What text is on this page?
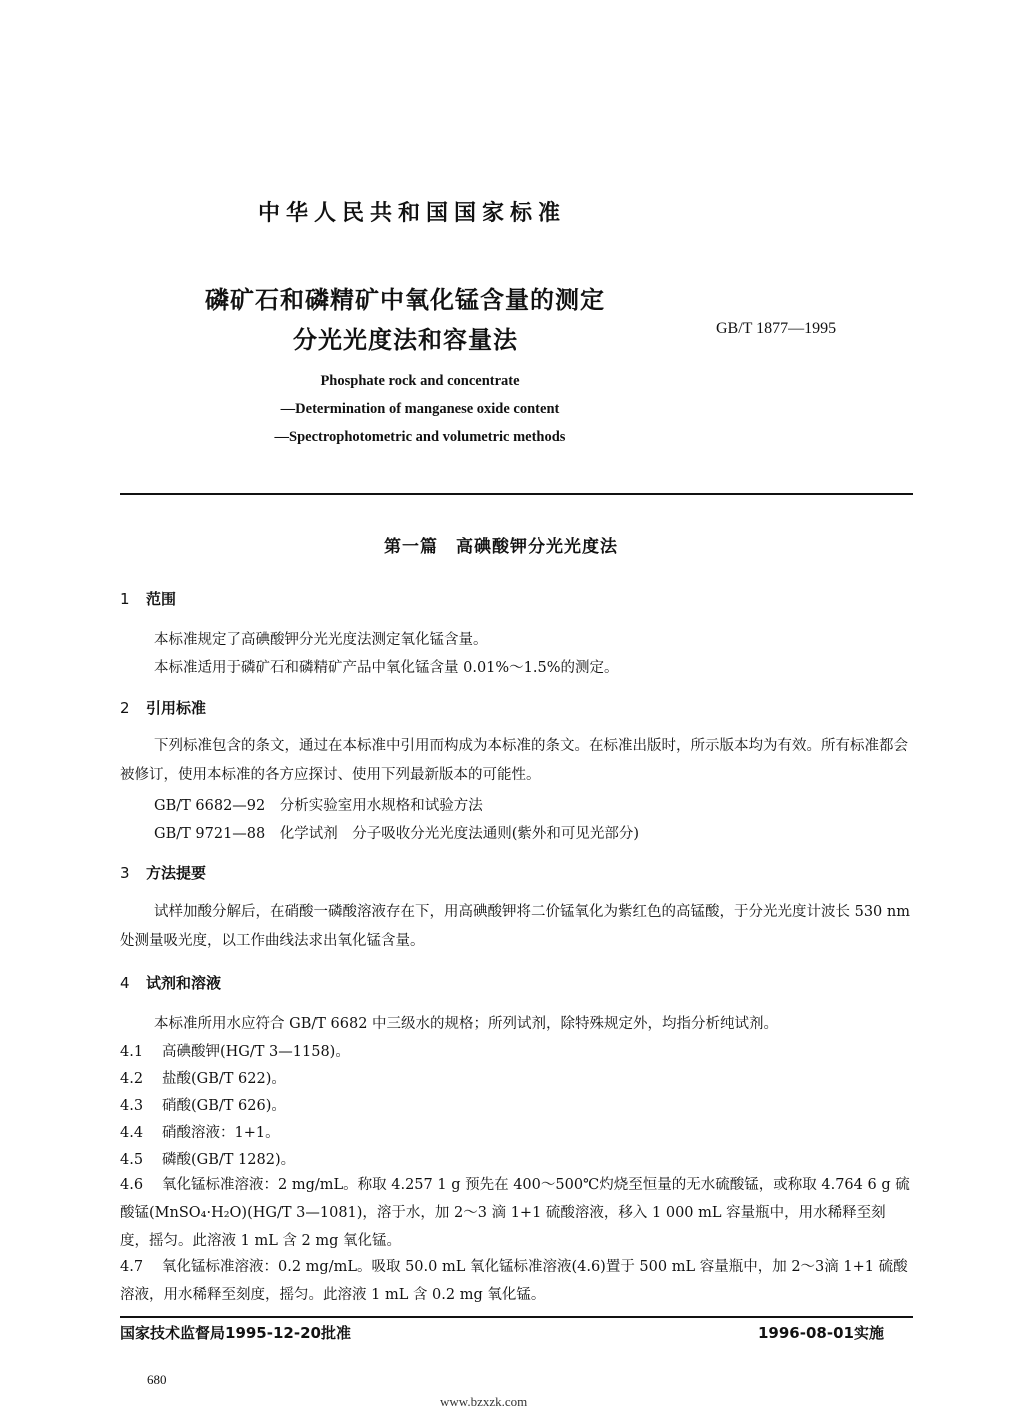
中华人民共和国国家标准
磷矿石和磷精矿中氧化锰含量的测定
分光光度法和容量法	GB/T 1877—1995
Phosphate rock and concentrate
—Determination of manganese oxide content
—Spectrophotometric and volumetric methods
第一篇　高碘酸钾分光光度法
1 范围
本标准规定了高碘酸钾分光光度法测定氧化锰含量。
本标准适用于磷矿石和磷精矿产品中氧化锰含量 0.01%～1.5%的测定。
2 引用标准
下列标准包含的条文，通过在本标准中引用而构成为本标准的条文。在标准出版时，所示版本均为有效。所有标准都会被修订，使用本标准的各方应探讨、使用下列最新版本的可能性。
GB/T 6682—92　分析实验室用水规格和试验方法
GB/T 9721—88　化学试剂　分子吸收分光光度法通则(紫外和可见光部分)
3 方法提要
试样加酸分解后，在硝酸一磷酸溶液存在下，用高碘酸钾将二价锰氧化为紫红色的高锰酸，于分光光度计波长 530 nm 处测量吸光度，以工作曲线法求出氧化锰含量。
4 试剂和溶液
本标准所用水应符合 GB/T 6682 中三级水的规格；所列试剂，除特殊规定外，均指分析纯试剂。
4.1 高碘酸钾(HG/T 3—1158)。
4.2 盐酸(GB/T 622)。
4.3 硝酸(GB/T 626)。
4.4 硝酸溶液：1+1。
4.5 磷酸(GB/T 1282)。
4.6 氧化锰标准溶液：2 mg/mL。称取 4.257 1 g 预先在 400～500℃灼烧至恒量的无水硫酸锰，或称取 4.764 6 g 硫酸锰(MnSO₄·H₂O)(HG/T 3—1081)，溶于水，加 2～3 滴 1+1 硫酸溶液，移入 1 000 mL 容量瓶中，用水稀释至刻度，摇匀。此溶液 1 mL 含 2 mg 氧化锰。
4.7 氧化锰标准溶液：0.2 mg/mL。吸取 50.0 mL 氧化锰标准溶液(4.6)置于 500 mL 容量瓶中，加 2～3滴 1+1 硫酸溶液，用水稀释至刻度，摇匀。此溶液 1 mL 含 0.2 mg 氧化锰。
国家技术监督局1995-12-20批准	1996-08-01实施
680
www.bzxzk.com
